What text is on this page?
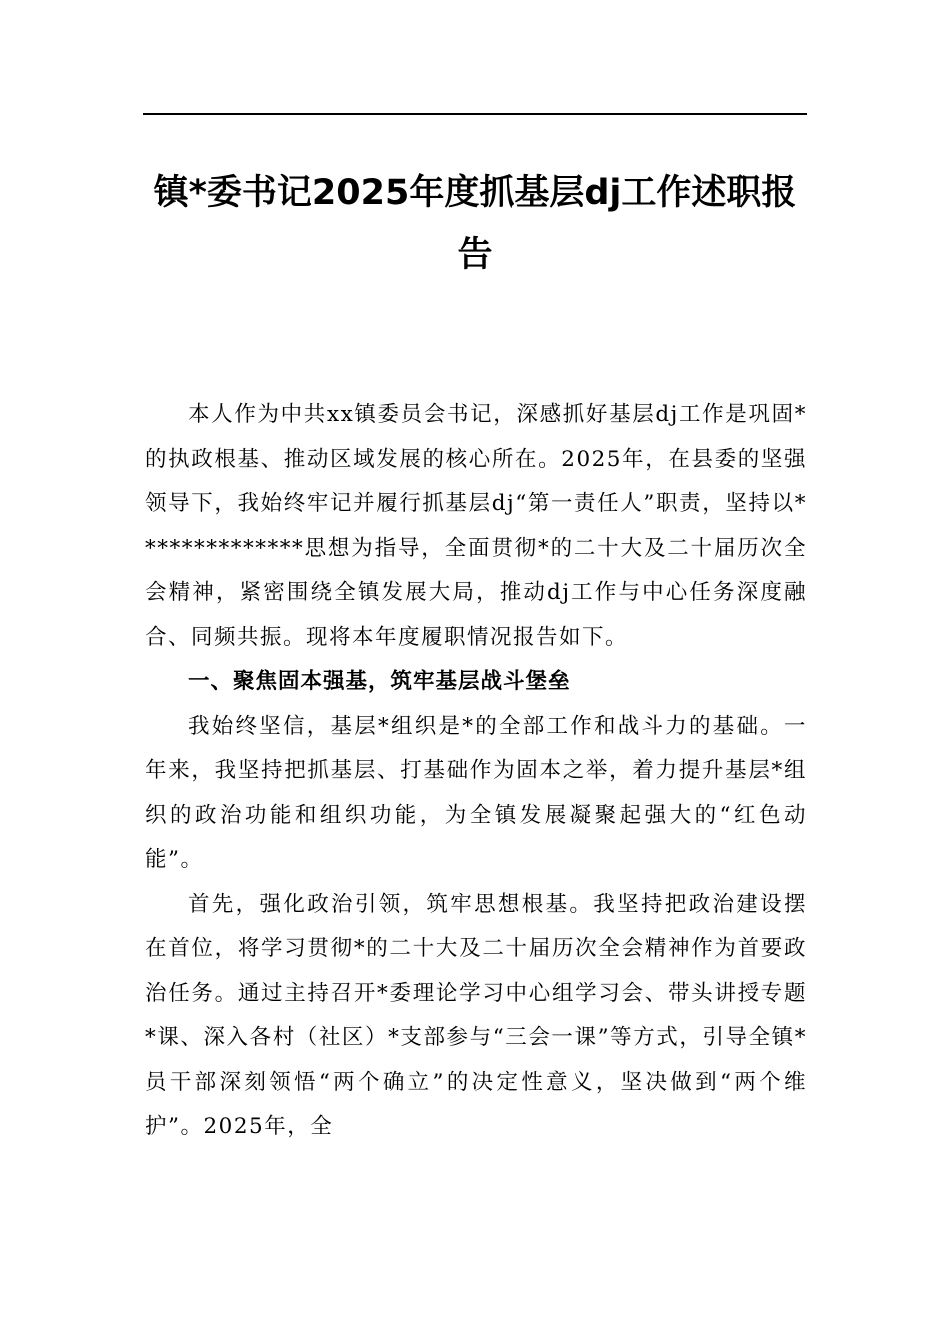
镇*委书记2025年度抓基层dj工作述职报告

本人作为中共xx镇委员会书记，深感抓好基层dj工作是巩固*的执政根基、推动区域发展的核心所在。2025年，在县委的坚强领导下，我始终牢记并履行抓基层dj“第一责任人”职责，坚持以**************思想为指导，全面贯彻*的二十大及二十届历次全会精神，紧密围绕全镇发展大局，推动dj工作与中心任务深度融合、同频共振。现将本年度履职情况报告如下。

一、聚焦固本强基，筑牢基层战斗堡垒

我始终坚信，基层*组织是*的全部工作和战斗力的基础。一年来，我坚持把抓基层、打基础作为固本之举，着力提升基层*组织的政治功能和组织功能，为全镇发展凝聚起强大的“红色动能”。

首先，强化政治引领，筑牢思想根基。我坚持把政治建设摆在首位，将学习贯彻*的二十大及二十届历次全会精神作为首要政治任务。通过主持召开*委理论学习中心组学习会、带头讲授专题*课、深入各村（社区）*支部参与“三会一课”等方式，引导全镇*员干部深刻领悟“两个确立”的决定性意义，坚决做到“两个维护”。2025年，全
